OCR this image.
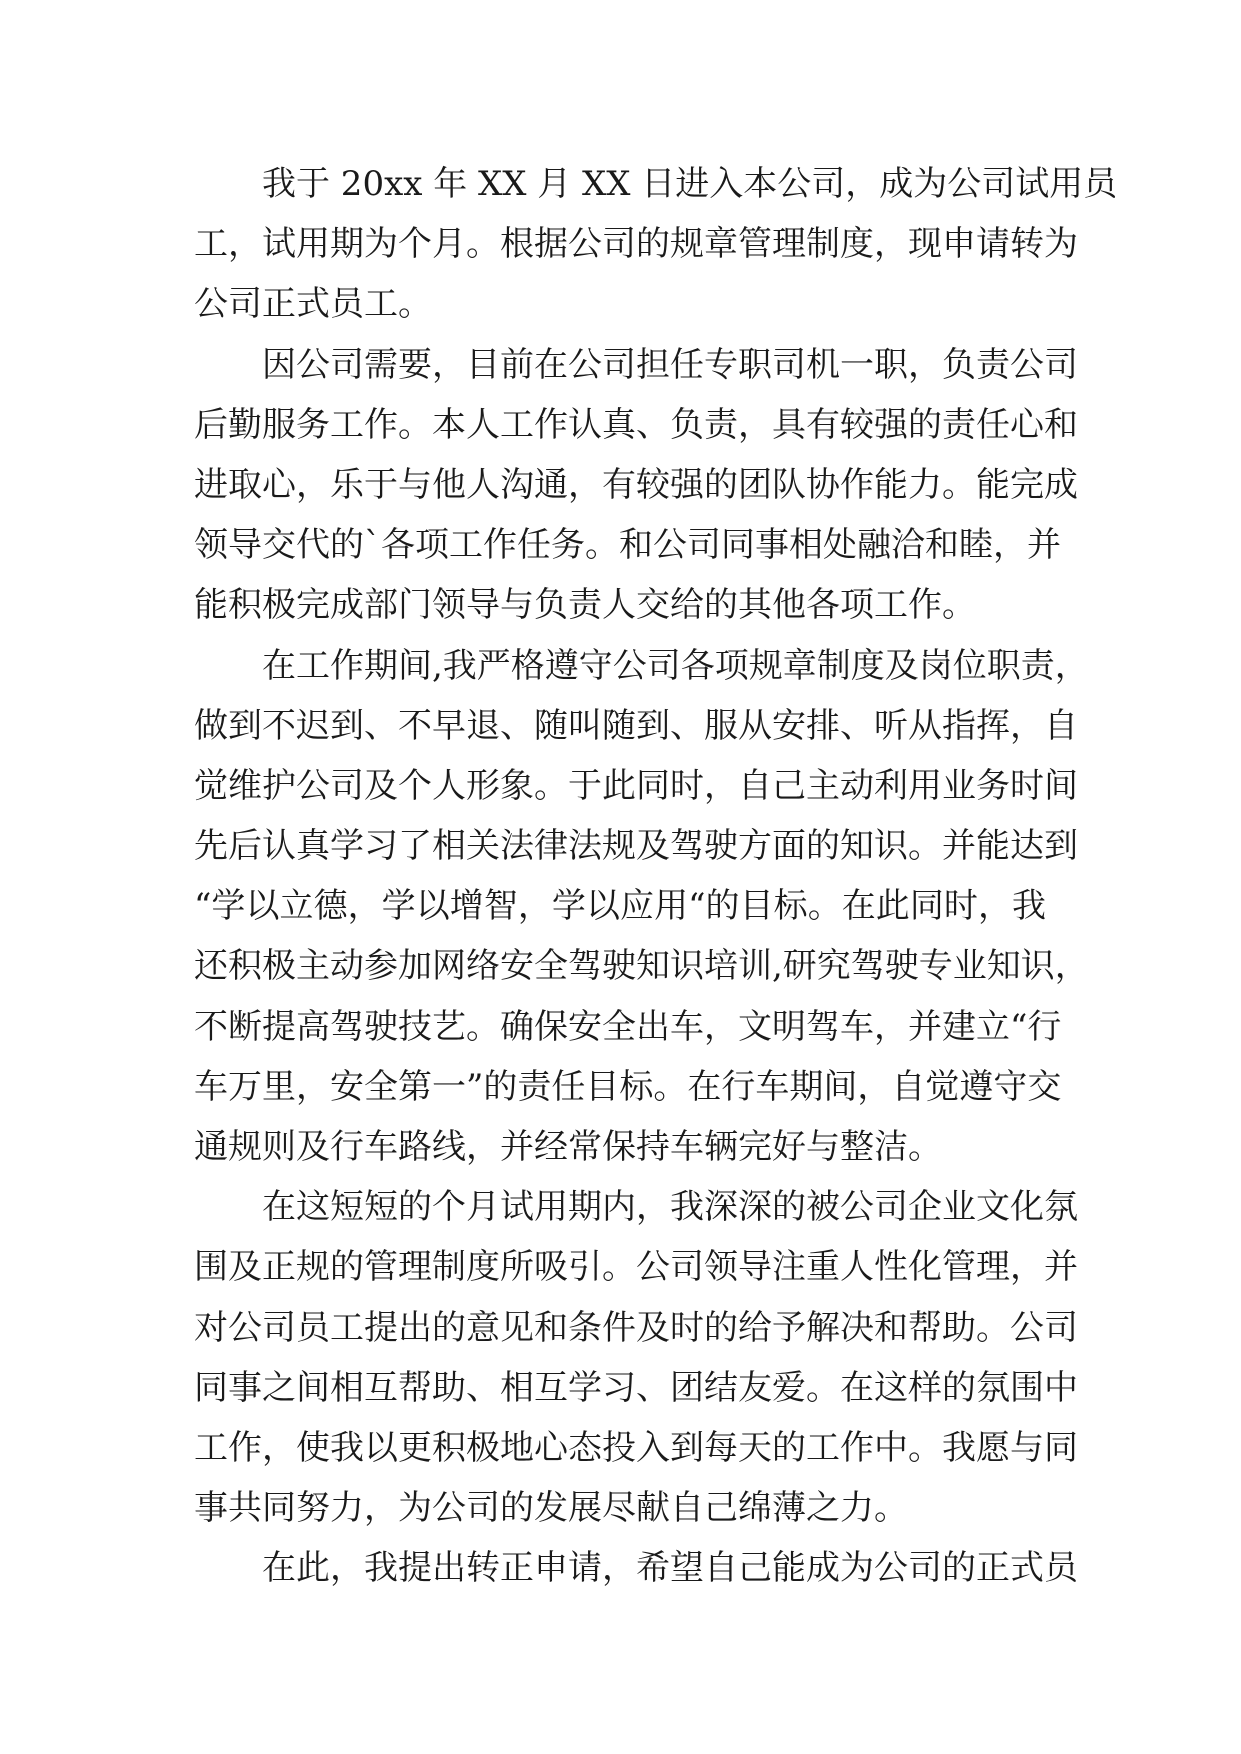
我于 20xx 年 XX 月 XX 日进入本公司，成为公司试用员
工，试用期为个月。根据公司的规章管理制度，现申请转为
公司正式员工。
因公司需要，目前在公司担任专职司机一职，负责公司
后勤服务工作。本人工作认真、负责，具有较强的责任心和
进取心，乐于与他人沟通，有较强的团队协作能力。能完成
领导交代的`各项工作任务。和公司同事相处融洽和睦，并
能积极完成部门领导与负责人交给的其他各项工作。
在工作期间,我严格遵守公司各项规章制度及岗位职责，
做到不迟到、不早退、随叫随到、服从安排、听从指挥，自
觉维护公司及个人形象。于此同时，自己主动利用业务时间
先后认真学习了相关法律法规及驾驶方面的知识。并能达到
“学以立德，学以增智，学以应用“的目标。在此同时，我
还积极主动参加网络安全驾驶知识培训,研究驾驶专业知识，
不断提高驾驶技艺。确保安全出车，文明驾车，并建立“行
车万里，安全第一”的责任目标。在行车期间，自觉遵守交
通规则及行车路线，并经常保持车辆完好与整洁。
在这短短的个月试用期内，我深深的被公司企业文化氛
围及正规的管理制度所吸引。公司领导注重人性化管理，并
对公司员工提出的意见和条件及时的给予解决和帮助。公司
同事之间相互帮助、相互学习、团结友爱。在这样的氛围中
工作，使我以更积极地心态投入到每天的工作中。我愿与同
事共同努力，为公司的发展尽献自己绵薄之力。
在此，我提出转正申请，希望自己能成为公司的正式员
